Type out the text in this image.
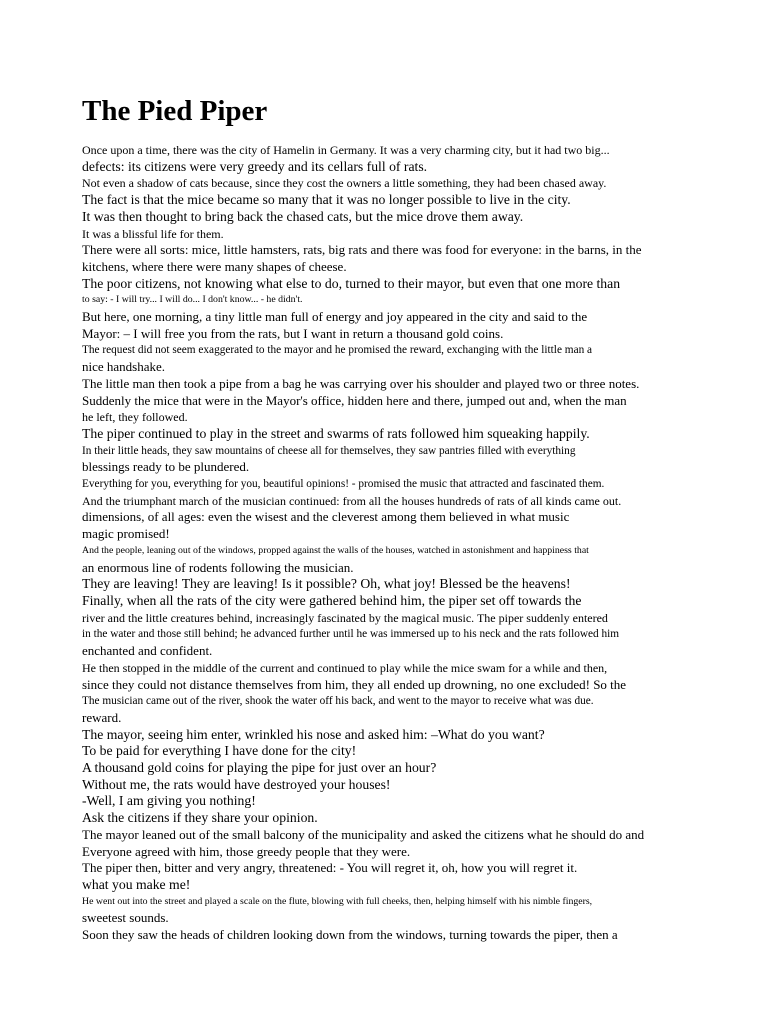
The Pied Piper
Once upon a time, there was the city of Hamelin in Germany. It was a very charming city, but it had two big...
defects: its citizens were very greedy and its cellars full of rats.
Not even a shadow of cats because, since they cost the owners a little something, they had been chased away.
The fact is that the mice became so many that it was no longer possible to live in the city.
It was then thought to bring back the chased cats, but the mice drove them away.
It was a blissful life for them.
There were all sorts: mice, little hamsters, rats, big rats and there was food for everyone: in the barns, in the
kitchens, where there were many shapes of cheese.
The poor citizens, not knowing what else to do, turned to their mayor, but even that one more than
to say: - I will try... I will do... I don't know... - he didn't.
But here, one morning, a tiny little man full of energy and joy appeared in the city and said to the
Mayor: – I will free you from the rats, but I want in return a thousand gold coins.
The request did not seem exaggerated to the mayor and he promised the reward, exchanging with the little man a
nice handshake.
The little man then took a pipe from a bag he was carrying over his shoulder and played two or three notes.
Suddenly the mice that were in the Mayor's office, hidden here and there, jumped out and, when the man
he left, they followed.
The piper continued to play in the street and swarms of rats followed him squeaking happily.
In their little heads, they saw mountains of cheese all for themselves, they saw pantries filled with everything
blessings ready to be plundered.
Everything for you, everything for you, beautiful opinions! - promised the music that attracted and fascinated them.
And the triumphant march of the musician continued: from all the houses hundreds of rats of all kinds came out.
dimensions, of all ages: even the wisest and the cleverest among them believed in what music
magic promised!
And the people, leaning out of the windows, propped against the walls of the houses, watched in astonishment and happiness that
an enormous line of rodents following the musician.
They are leaving! They are leaving! Is it possible? Oh, what joy! Blessed be the heavens!
Finally, when all the rats of the city were gathered behind him, the piper set off towards the
river and the little creatures behind, increasingly fascinated by the magical music. The piper suddenly entered
in the water and those still behind; he advanced further until he was immersed up to his neck and the rats followed him
enchanted and confident.
He then stopped in the middle of the current and continued to play while the mice swam for a while and then,
since they could not distance themselves from him, they all ended up drowning, no one excluded! So the
The musician came out of the river, shook the water off his back, and went to the mayor to receive what was due.
reward.
The mayor, seeing him enter, wrinkled his nose and asked him: –What do you want?
To be paid for everything I have done for the city!
A thousand gold coins for playing the pipe for just over an hour?
Without me, the rats would have destroyed your houses!
-Well, I am giving you nothing!
Ask the citizens if they share your opinion.
The mayor leaned out of the small balcony of the municipality and asked the citizens what he should do and
Everyone agreed with him, those greedy people that they were.
The piper then, bitter and very angry, threatened: - You will regret it, oh, how you will regret it.
what you make me!
He went out into the street and played a scale on the flute, blowing with full cheeks, then, helping himself with his nimble fingers,
sweetest sounds.
Soon they saw the heads of children looking down from the windows, turning towards the piper, then a
